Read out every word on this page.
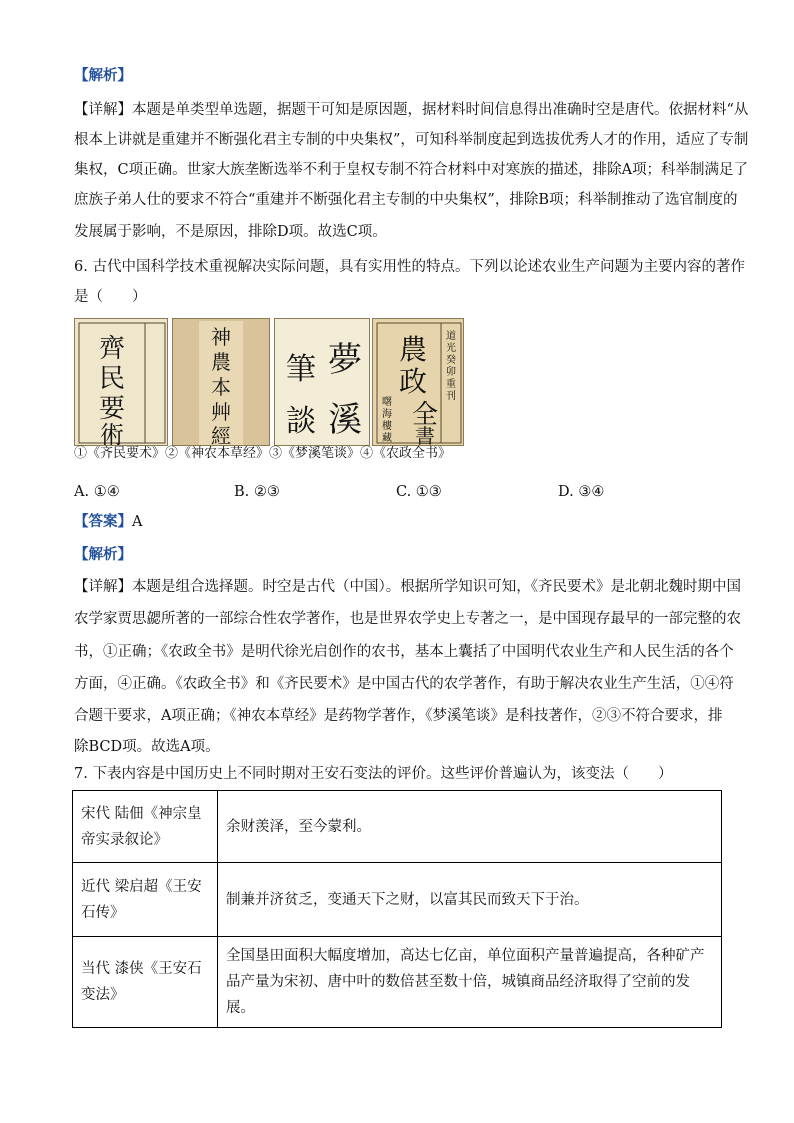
【解析】
【详解】本题是单类型单选题，据题干可知是原因题，据材料时间信息得出准确时空是唐代。依据材料“从
根本上讲就是重建并不断强化君主专制的中央集权”，可知科举制度起到选拔优秀人才的作用，适应了专制
集权，C项正确。世家大族垄断选举不利于皇权专制不符合材料中对寒族的描述，排除A项；科举制满足了
庶族子弟人仕的要求不符合“重建并不断强化君主专制的中央集权”，排除B项；科举制推动了选官制度的
发展属于影响，不是原因，排除D项。故选C项。
6. 古代中国科学技术重视解决实际问题，具有实用性的特点。下列以论述农业生产问题为主要内容的著作
是（　　）
齊
民
要
術
神
農
本
艸
經
夢
溪
筆
談
農
政
全
書
道
光
癸
卯
重
刊
曙
海
樓
藏
①《齐民要术》②《神农本草经》③《梦溪笔谈》④《农政全书》
A. ①④	B. ②③	C. ①③	D. ③④
【答案】A
【解析】
【详解】本题是组合选择题。时空是古代（中国）。根据所学知识可知，《齐民要术》是北朝北魏时期中国
农学家贾思勰所著的一部综合性农学著作，也是世界农学史上专著之一，是中国现存最早的一部完整的农
书，①正确；《农政全书》是明代徐光启创作的农书，基本上囊括了中国明代农业生产和人民生活的各个
方面，④正确。《农政全书》和《齐民要术》是中国古代的农学著作，有助于解决农业生产生活，①④符
合题干要求，A项正确；《神农本草经》是药物学著作，《梦溪笔谈》是科技著作，②③不符合要求，排
除BCD项。故选A项。
7. 下表内容是中国历史上不同时期对王安石变法的评价。这些评价普遍认为，该变法（　　）
宋代 陆佃《神宗皇
帝实录叙论》	余财羡泽，至今蒙利。
近代 梁启超《王安
石传》	制兼并济贫乏，变通天下之财，以富其民而致天下于治。
当代 漆侠《王安石
变法》	全国垦田面积大幅度增加，高达七亿亩，单位面积产量普遍提高，各种矿产品产量为宋初、唐中叶的数倍甚至数十倍，城镇商品经济取得了空前的发展。
